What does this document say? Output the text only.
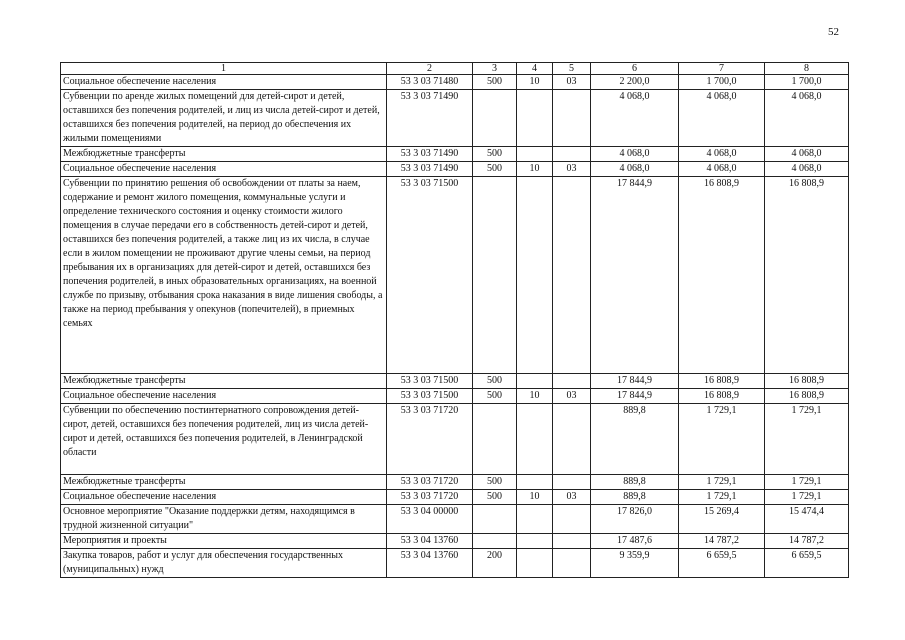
52
1	2	3	4	5	6	7	8
Социальное обеспечение населения	53 3 03 71480	500	10	03	2 200,0	1 700,0	1 700,0
Субвенции по аренде жилых помещений для детей-сирот и детей, оставшихся без попечения родителей, и лиц из числа детей-сирот и детей, оставшихся без попечения родителей, на период до обеспечения их жилыми помещениями	53 3 03 71490				4 068,0	4 068,0	4 068,0
Межбюджетные трансферты	53 3 03 71490	500			4 068,0	4 068,0	4 068,0
Социальное обеспечение населения	53 3 03 71490	500	10	03	4 068,0	4 068,0	4 068,0
Субвенции по принятию решения об освобождении от платы за наем, содержание и ремонт жилого помещения, коммунальные услуги и определение технического состояния и оценку стоимости жилого помещения в случае передачи его в собственность детей-сирот и детей, оставшихся без попечения родителей, а также лиц из их числа, в случае если в жилом помещении не проживают другие члены семьи, на период пребывания их в организациях для детей-сирот и детей, оставшихся без попечения родителей, в иных образовательных организациях, на военной службе по призыву, отбывания срока наказания в виде лишения свободы, а также на период пребывания у опекунов (попечителей), в приемных семьях	53 3 03 71500				17 844,9	16 808,9	16 808,9
Межбюджетные трансферты	53 3 03 71500	500			17 844,9	16 808,9	16 808,9
Социальное обеспечение населения	53 3 03 71500	500	10	03	17 844,9	16 808,9	16 808,9
Субвенции по обеспечению постинтернатного сопровождения детей-сирот, детей, оставшихся без попечения родителей, лиц из числа детей-сирот и детей, оставшихся без попечения родителей, в Ленинградской области	53 3 03 71720				889,8	1 729,1	1 729,1
Межбюджетные трансферты	53 3 03 71720	500			889,8	1 729,1	1 729,1
Социальное обеспечение населения	53 3 03 71720	500	10	03	889,8	1 729,1	1 729,1
Основное мероприятие "Оказание поддержки детям, находящимся в трудной жизненной ситуации"	53 3 04 00000				17 826,0	15 269,4	15 474,4
Мероприятия и проекты	53 3 04 13760				17 487,6	14 787,2	14 787,2
Закупка товаров, работ и услуг для обеспечения государственных (муниципальных) нужд	53 3 04 13760	200			9 359,9	6 659,5	6 659,5
